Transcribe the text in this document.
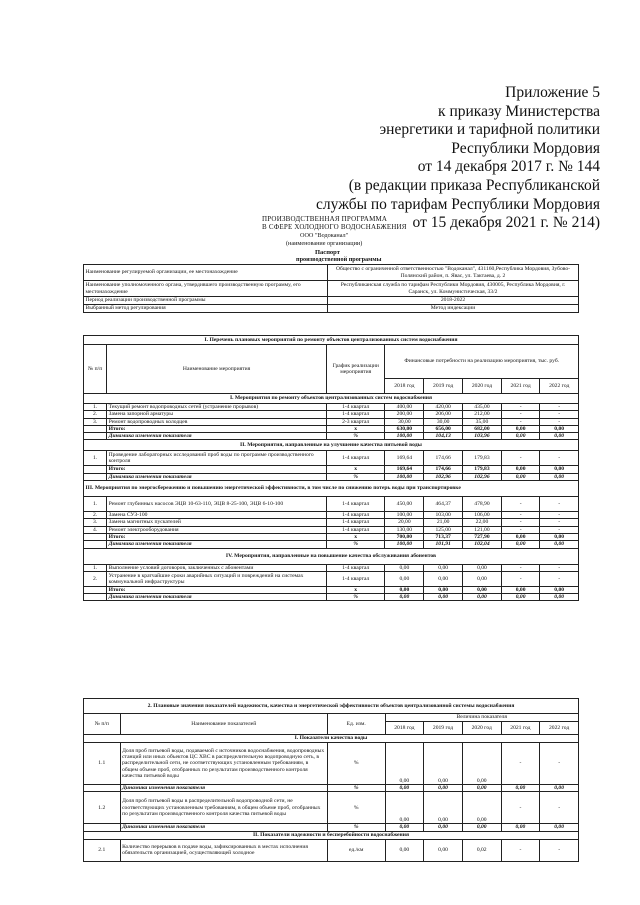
Приложение 5
к приказу Министерства
энергетики и тарифной политики
Республики Мордовия
от 14 декабря 2017 г. № 144
(в редакции приказа Республиканской
службы по тарифам Республики Мордовия
от 15 декабря 2021 г. № 214)
ПРОИЗВОДСТВЕННАЯ ПРОГРАММА
В СФЕРЕ ХОЛОДНОГО ВОДОСНАБЖЕНИЯ
ООО "Водоканал"
(наименование организации)
Паспорт
производственной программы
Наименование регулируемой организации, ее местонахождение	Общество с ограниченной ответственностью "Водоканал", 431160,Республика Мордовия, Зубово-Полянский район, п. Явас, ул. Тактаева, д. 2
Наименование уполномоченного органа, утвердившего производственную программу, его местонахождение	Республиканская служба по тарифам Республики Мордовия, 430005, Республика Мордовия, г. Саранск, ул. Коммунистическая, 33/2
Период реализации производственной программы	2018-2022
Выбранный метод регулирования	Метод индексации
I. Перечень плановых мероприятий по ремонту объектов централизованных систем водоснабжения							
№ п/п	Наименование мероприятия	График реализации мероприятия	Финансовые потребности на реализацию мероприятия, тыс. руб.				
			2018 год	2019 год	2020 год	2021 год	2022 год
I. Мероприятия по ремонту объектов централизованных систем водоснабжения							
1.	Текущий ремонт водопроводных сетей (устранение прорывов)	1-4 квартал	400,00	420,00	435,00	-	-
2.	Замена запорной арматуры	1-4 квартал	200,00	206,00	212,00	-	-
3.	Ремонт водопроводных колодцев	2-3 квартал	30,00	30,00	35,00	-	-
	Итого:	x	630,00	656,00	682,00	0,00	0,00
	Динамика изменения показателя	%	100,00	104,13	103,96	0,00	0,00
II. Мероприятия, направленные на улучшение качества питьевой воды							
1.	Проведение лабораторных исследований проб воды по программе производственного контроля	1-4 квартал	169,64	174,66	179,83	-	-
	Итого:	x	169,64	174,66	179,83	0,00	0,00
	Динамика изменения показателя	%	100,00	102,96	102,96	0,00	0,00
III. Мероприятия по энергосбережению и повышению энергетической эффективности, в том числе по снижению потерь воды при транспортировке							
1.	Ремонт глубинных насосов ЭЦВ 10-63-110, ЭЦВ 8-25-100, ЭЦВ 6-10-100	1-4 квартал	450,00	464,37	478,90	-	-
2.	Замена СУЗ-100	1-4 квартал	100,00	103,00	106,00	-	-
3.	Замена магнитных пускателей	1-4 квартал	20,00	21,00	22,00	-	-
4.	Ремонт электрооборудования	1-4 квартал	130,00	125,00	121,00	-	-
	Итого:	x	700,00	713,37	727,90	0,00	0,00
	Динамика изменения показателя	%	100,00	101,91	102,04	0,00	0,00
IV. Мероприятия, направленные на повышение качества обслуживания абонентов							
1.	Выполнение условий договоров, заключенных с абонентами	1-4 квартал	0,00	0,00	0,00	-	-
2.	Устранение в кратчайшие сроки аварийных ситуаций и повреждений на системах коммунальной инфраструктуры	1-4 квартал	0,00	0,00	0,00	-	-
	Итого:	x	0,00	0,00	0,00	0,00	0,00
	Динамика изменения показателя	%	0,00	0,00	0,00	0,00	0,00
2. Плановые значения показателей надежности, качества и энергетической эффективности объектов централизованной системы водоснабжения							
№ п/п	Наименование показателей	Ед. изм.	Величина показателя				
			2018 год	2019 год	2020 год	2021 год	2022 год
I. Показатели качества воды							
1.1	Доля проб питьевой воды, подаваемой с источников водоснабжения, водопроводных станций или иных объектов ЦС ХВС в распределительную водопроводную сеть, в распределительной сети, не соответствующих установленным требованиям, в общем объеме проб, отобранных по результатам производственного контроля качества питьевой воды	%	0,00	0,00	0,00	-	-
	Динамика изменения показателя	%	0,00	0,00	0,00	0,00	0,00
1.2	Доля проб питьевой воды в распределительной водопроводной сети, не соответствующих установленным требованиям, в общем объеме проб, отобранных по результатам производственного контроля качества питьевой воды	%	0,00	0,00	0,00	-	-
	Динамика изменения показателя	%	0,00	0,00	0,00	0,00	0,00
II. Показатели надежности и бесперебойности водоснабжения							
2.1	Количество перерывов в подаче воды, зафиксированных в местах исполнения обязательств организацией, осуществляющей холодное	ед./км	0,00	0,00	0,02	-	-
